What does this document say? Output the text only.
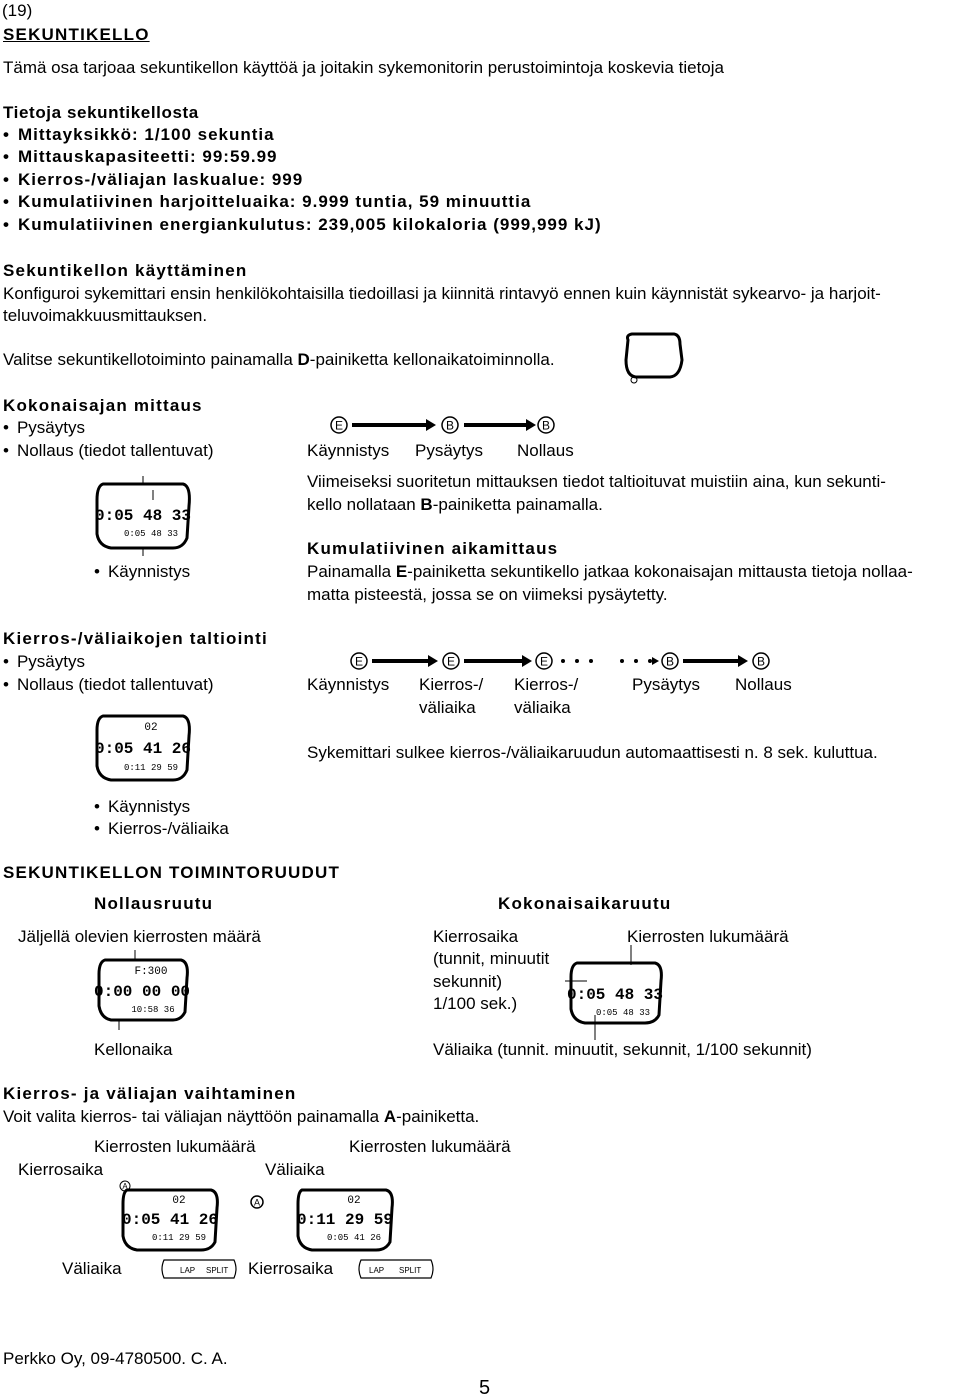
(19)
SEKUNTIKELLO
Tämä osa tarjoaa sekuntikellon käyttöä ja joitakin sykemonitorin perustoimintoja koskevia tietoja
Tietoja sekuntikellosta
• Mittayksikkö: 1/100 sekuntia
• Mittauskapasiteetti: 99:59.99
• Kierros-/väliajan laskualue: 999
• Kumulatiivinen harjoitteluaika: 9.999 tuntia, 59 minuuttia
• Kumulatiivinen energiankulutus: 239,005 kilokaloria (999,999 kJ)
Sekuntikellon käyttäminen
Konfiguroi sykemittari ensin henkilökohtaisilla tiedoillasi ja kiinnitä rintavyö ennen kuin käynnistät sykearvo- ja harjoit-
teluvoimakkuusmittauksen.
Valitse sekuntikellotoiminto painamalla D-painiketta kellonaikatoiminnolla.
Kokonaisajan mittaus
• Pysäytys
• Nollaus (tiedot tallentuvat)
E	B	B
Käynnistys Pysäytys Nollaus
Viimeiseksi suoritetun mittauksen tiedot taltioituvat muistiin aina, kun sekunti-
kello nollataan B-painiketta painamalla.
0:05 48 33
0:05 48 33
Kumulatiivinen aikamittaus
• Käynnistys	Painamalla E-painiketta sekuntikello jatkaa kokonaisajan mittausta tietoja nollaa-
matta pisteestä, jossa se on viimeksi pysäytetty.
Kierros-/väliaikojen taltiointi
• Pysäytys
• Nollaus (tiedot tallentuvat)
E	E	E	B	B
Käynnistys Kierros-/
väliaika
Kierros-/
väliaika
Pysäytys Nollaus
02
0:05 41 26
0:11 29 59
Sykemittari sulkee kierros-/väliaikaruudun automaattisesti n. 8 sek. kuluttua.
• Käynnistys
• Kierros-/väliaika
SEKUNTIKELLON TOIMINTORUUDUT
Nollausruutu	Kokonaisaikaruutu
Jäljellä olevien kierrosten määrä	Kierrosaika	Kierrosten lukumäärä
(tunnit, minuutit
sekunnit)
1/100 sek.)
F:300
0:00 00 00
10:58 36
0:05 48 33
0:05 48 33
Kellonaika	Väliaika (tunnit. minuutit, sekunnit, 1/100 sekunnit)
Kierros- ja väliajan vaihtaminen
Voit valita kierros- tai väliajan näyttöön painamalla A-painiketta.
Kierrosten lukumäärä	Kierrosten lukumäärä
Kierrosaika	Väliaika
A
02
0:05 41 26
0:11 29 59
A	02
0:11 29 59
0:05 41 26
Väliaika	LAP SPLIT Kierrosaika	LAP SPLIT
Perkko Oy, 09-4780500. C. A.
5
